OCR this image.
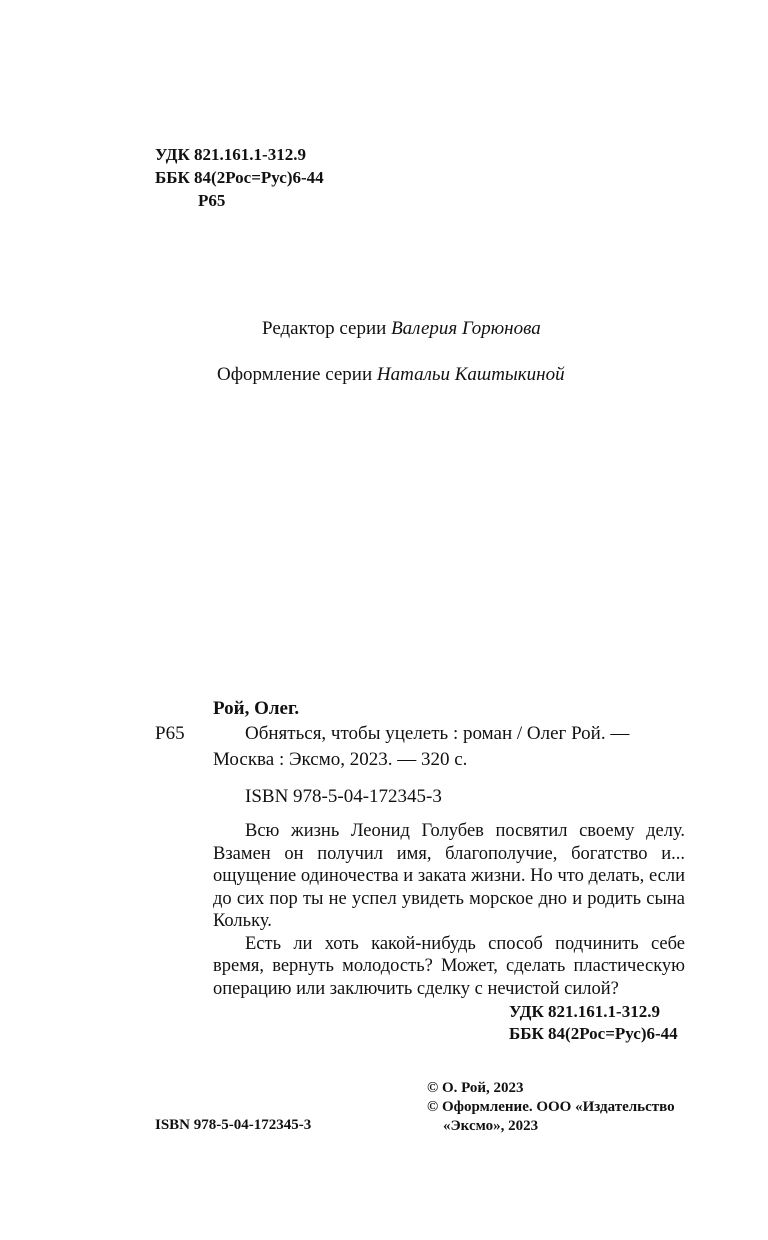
УДК 821.161.1-312.9
ББК 84(2Рос=Рус)6-44
Р65
Редактор серии Валерия Горюнова
Оформление серии Натальи Каштыкиной
Рой, Олег.
Р65	Обняться, чтобы уцелеть : роман / Олег Рой. —
Москва : Эксмо, 2023. — 320 с.
ISBN 978-5-04-172345-3

Всю жизнь Леонид Голубев посвятил своему делу. Взамен он получил имя, благополучие, богатство и... ощущение одиночества и заката жизни. Но что делать, если до сих пор ты не успел увидеть морское дно и родить сына Кольку.

Есть ли хоть какой-нибудь способ подчинить себе время, вернуть молодость? Может, сделать пластическую операцию или заключить сделку с нечистой силой?

УДК 821.161.1-312.9
ББК 84(2Рос=Рус)6-44
© О. Рой, 2023
© Оформление. ООО «Издательство
«Эксмо», 2023
ISBN 978-5-04-172345-3
